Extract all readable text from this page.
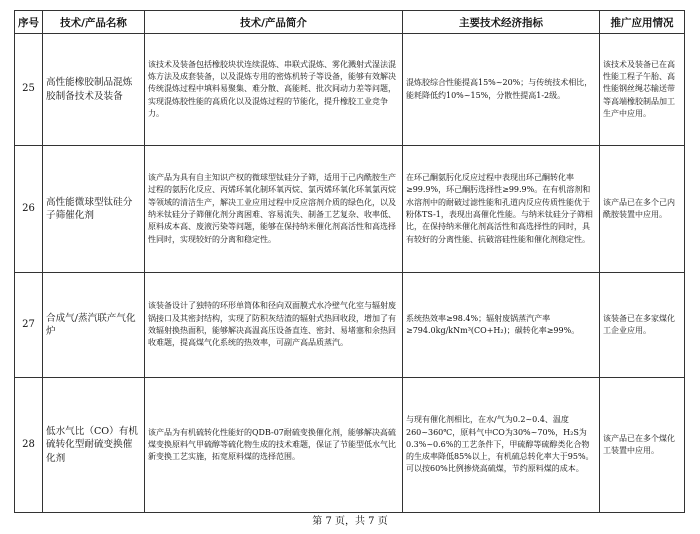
序号	技术/产品名称	技术/产品简介	主要技术经济指标	推广应用情况
25	高性能橡胶制品混炼胶制备技术及装备	该技术及装备包括橡胶块状连续混炼、串联式混炼、雾化溅射式湿法混炼方法及成套装备，以及混炼专用的密炼机转子等设备，能够有效解决传统混炼过程中填料易聚集、难分散、高能耗、批次间动力差等问题，实现混炼胶性能的高质化以及混炼过程的节能化，提升橡胶工业竞争力。	混炼胶综合性能提高15%~20%；与传统技术相比，能耗降低约10%~15%，分散性提高1-2级。	该技术及装备已在高性能工程子午胎、高性能钢丝绳芯输送带等高端橡胶制品加工生产中应用。
26	高性能微球型钛硅分子筛催化剂	该产品为具有自主知识产权的微球型钛硅分子筛，适用于己内酰胺生产过程的氨肟化反应、丙烯环氧化制环氧丙烷、氯丙烯环氧化环氧氯丙烷等领域的清洁生产，解决工业应用过程中反应溶剂介质的绿色化，以及纳米钛硅分子筛催化剂分离困难、容易流失、制备工艺复杂、收率低、原料成本高、废液污染等问题，能够在保持纳米催化剂高活性和高选择性同时，实现较好的分离和稳定性。	在环己酮氨肟化反应过程中表现出环己酮转化率≥99.9%，环己酮肟选择性≥99.9%。在有机溶剂和水溶剂中的耐破过滤性能和孔道内反应传质性能优于粉体TS-1，表现出高催化性能。与纳米钛硅分子筛相比，在保持纳米催化剂高活性和高选择性的同时，具有较好的分离性能、抗破溶硅性能和催化剂稳定性。	该产品已在多个己内酰胺装置中应用。
27	合成气/蒸汽联产气化炉	该装备设计了独特的环形单筒体和径向双面膜式水冷壁气化室与辐射废锅接口及其密封结构，实现了防积灰结渣的辐射式热回收段，增加了有效辐射换热面积，能够解决高温高压设备直连、密封、易堵塞和余热回收难题，提高煤气化系统的热效率，可副产高品质蒸汽。	系统热效率≥98.4%；辐射废锅蒸汽产率≥794.0kg/kNm³(CO+H₂)；碳转化率≥99%。	该装备已在多家煤化工企业应用。
28	低水气比（CO）有机硫转化型耐硫变换催化剂	该产品为有机硫转化性能好的QDB-07耐硫变换催化剂，能够解决高硫煤变换原料气甲硫醇等硫化物生成的技术难题，保证了节能型低水气比新变换工艺实施，拓宽原料煤的选择范围。	与现有催化剂相比，在水/气为0.2~0.4、温度260~360℃，原料气中CO为30%~70%，H₂S为0.3%~0.6%的工艺条件下，甲硫醇等硫醇类化合物的生成率降低85%以上，有机硫总转化率大于95%。可以按60%比例掺烧高硫煤，节约原料煤的成本。	该产品已在多个煤化工装置中应用。
第 7 页，共 7 页
